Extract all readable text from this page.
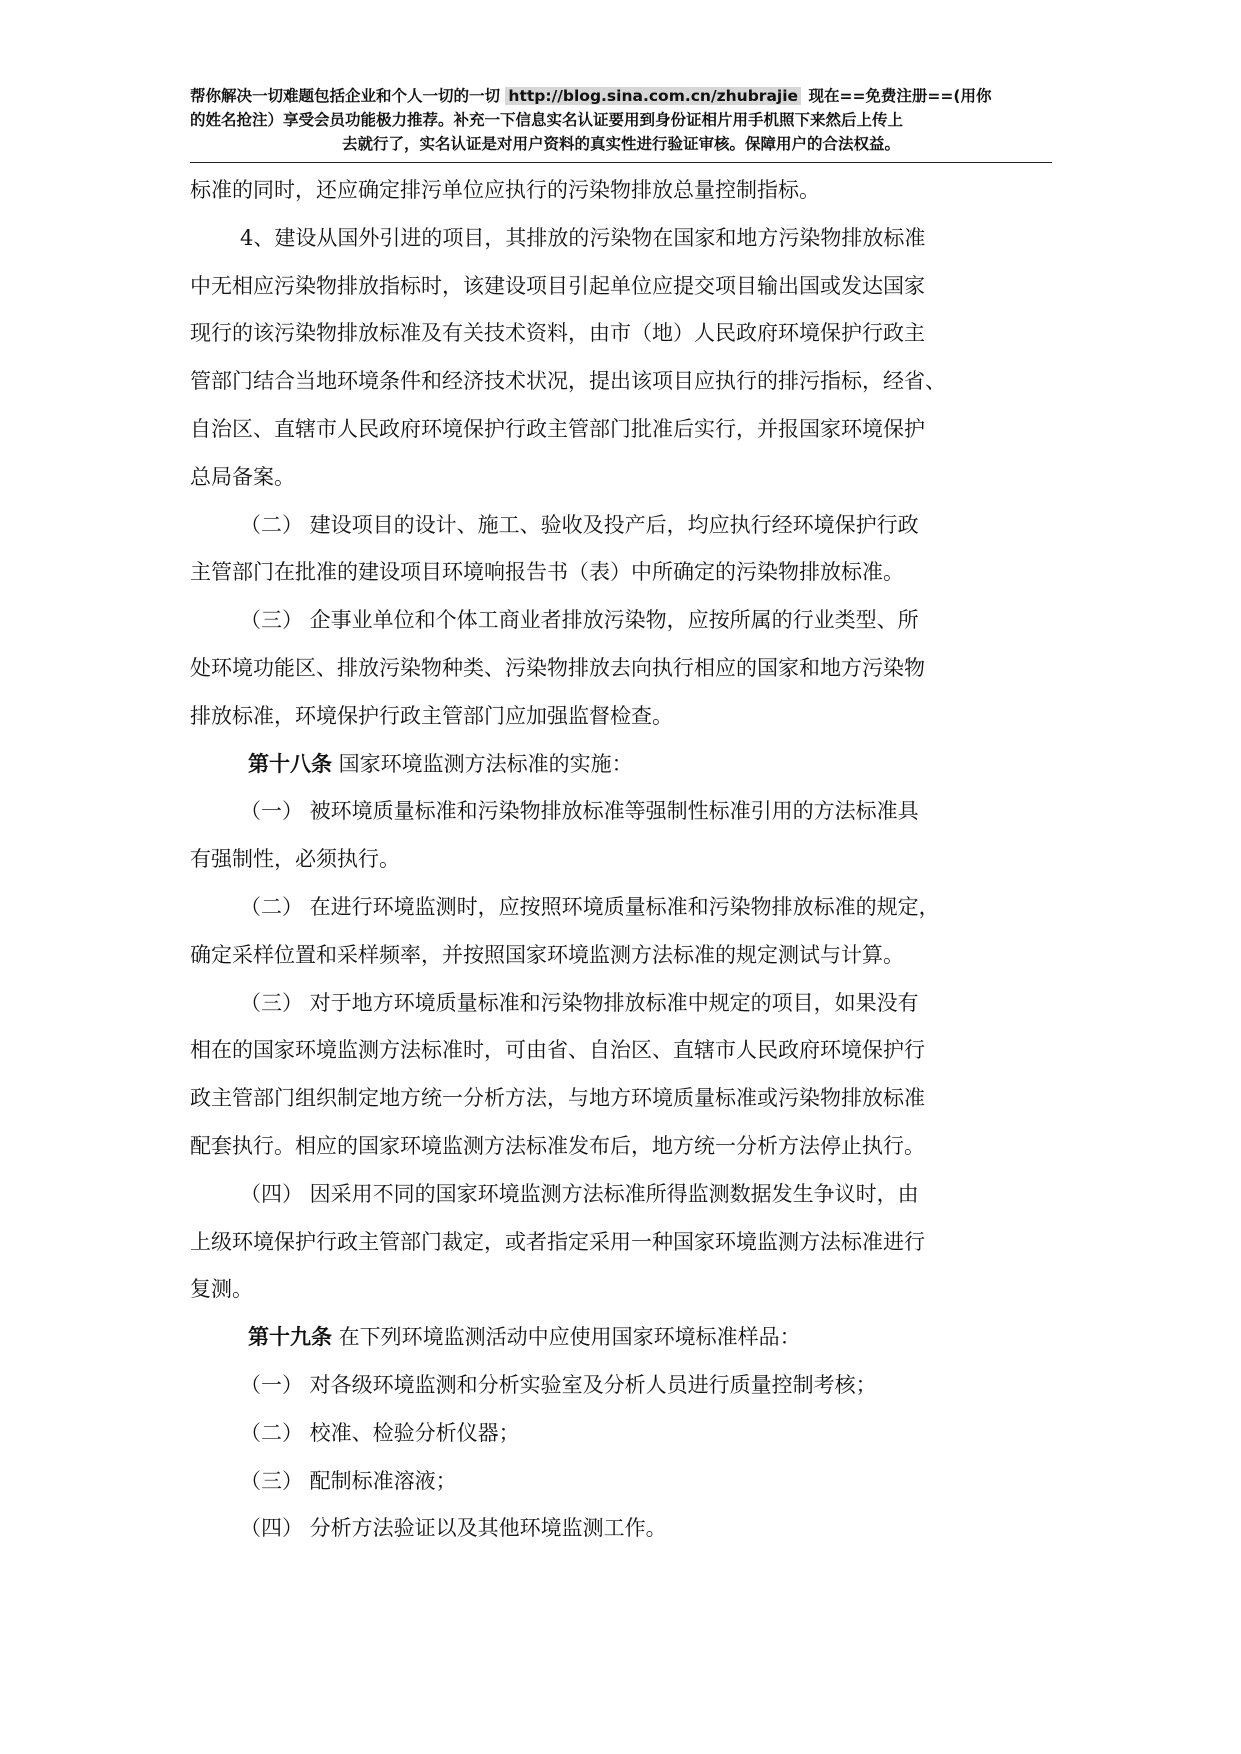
帮你解决一切难题包括企业和个人一切的一切 http://blog.sina.com.cn/zhubrajie 现在==免费注册==(用你
的姓名抢注）享受会员功能极力推荐。补充一下信息实名认证要用到身份证相片用手机照下来然后上传上
去就行了，实名认证是对用户资料的真实性进行验证审核。保障用户的合法权益。
标准的同时，还应确定排污单位应执行的污染物排放总量控制指标。
4、建设从国外引进的项目，其排放的污染物在国家和地方污染物排放标准
中无相应污染物排放指标时，该建设项目引起单位应提交项目输出国或发达国家
现行的该污染物排放标准及有关技术资料，由市（地）人民政府环境保护行政主
管部门结合当地环境条件和经济技术状况，提出该项目应执行的排污指标，经省、
自治区、直辖市人民政府环境保护行政主管部门批准后实行，并报国家环境保护
总局备案。
（二） 建设项目的设计、施工、验收及投产后，均应执行经环境保护行政
主管部门在批准的建设项目环境响报告书（表）中所确定的污染物排放标准。
（三） 企事业单位和个体工商业者排放污染物，应按所属的行业类型、所
处环境功能区、排放污染物种类、污染物排放去向执行相应的国家和地方污染物
排放标准，环境保护行政主管部门应加强监督检查。
第十八条 国家环境监测方法标准的实施：
（一） 被环境质量标准和污染物排放标准等强制性标准引用的方法标准具
有强制性，必须执行。
（二） 在进行环境监测时，应按照环境质量标准和污染物排放标准的规定，
确定采样位置和采样频率，并按照国家环境监测方法标准的规定测试与计算。
（三） 对于地方环境质量标准和污染物排放标准中规定的项目，如果没有
相在的国家环境监测方法标准时，可由省、自治区、直辖市人民政府环境保护行
政主管部门组织制定地方统一分析方法，与地方环境质量标准或污染物排放标准
配套执行。相应的国家环境监测方法标准发布后，地方统一分析方法停止执行。
（四） 因采用不同的国家环境监测方法标准所得监测数据发生争议时，由
上级环境保护行政主管部门裁定，或者指定采用一种国家环境监测方法标准进行
复测。
第十九条 在下列环境监测活动中应使用国家环境标准样品：
（一） 对各级环境监测和分析实验室及分析人员进行质量控制考核；
（二） 校准、检验分析仪器；
（三） 配制标准溶液；
（四） 分析方法验证以及其他环境监测工作。
